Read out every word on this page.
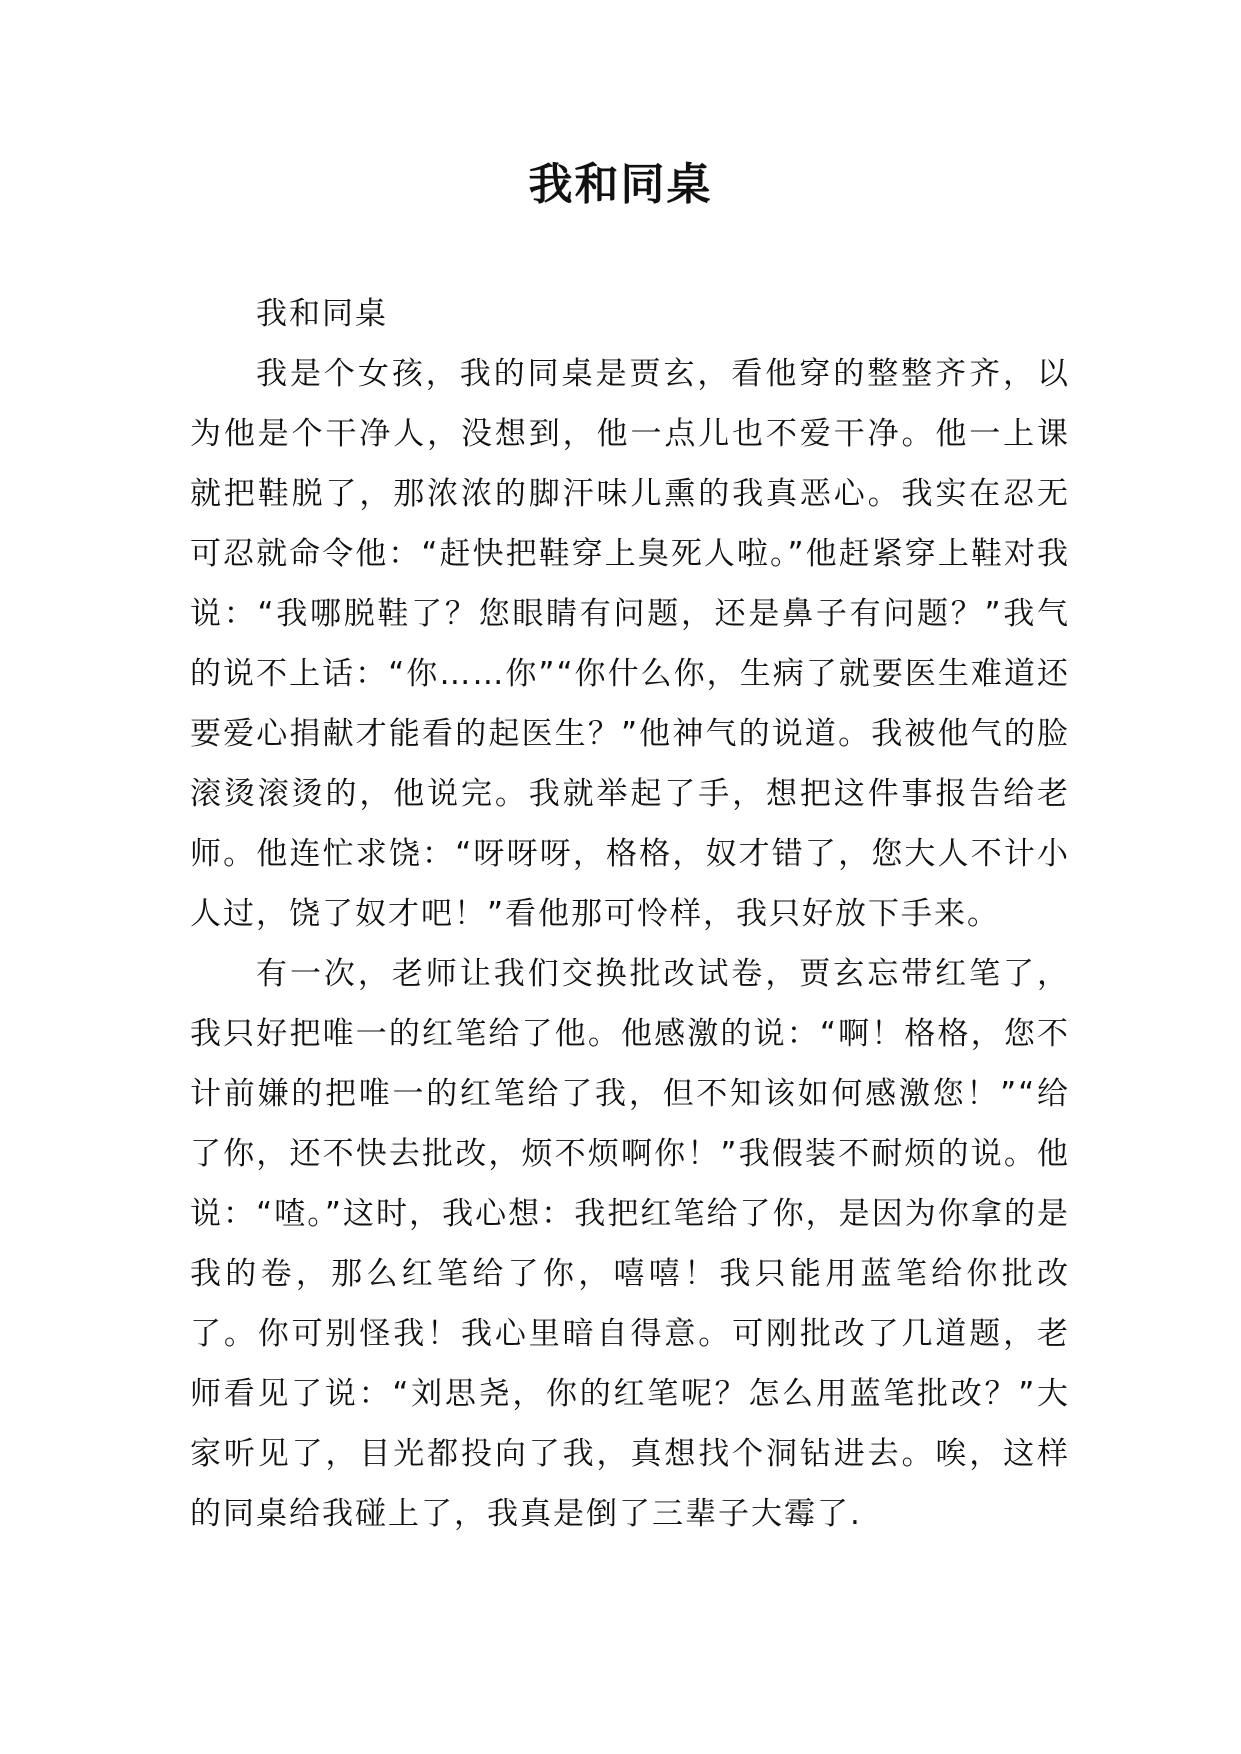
我和同桌

我和同桌

我是个女孩，我的同桌是贾玄，看他穿的整整齐齐，以为他是个干净人，没想到，他一点儿也不爱干净。他一上课就把鞋脱了，那浓浓的脚汗味儿熏的我真恶心。我实在忍无可忍就命令他：“赶快把鞋穿上臭死人啦。”他赶紧穿上鞋对我说：“我哪脱鞋了？您眼睛有问题，还是鼻子有问题？”我气的说不上话：“你……你”“你什么你，生病了就要医生难道还要爱心捐献才能看的起医生？”他神气的说道。我被他气的脸滚烫滚烫的，他说完。我就举起了手，想把这件事报告给老师。他连忙求饶：“呀呀呀，格格，奴才错了，您大人不计小人过，饶了奴才吧！”看他那可怜样，我只好放下手来。

有一次，老师让我们交换批改试卷，贾玄忘带红笔了，我只好把唯一的红笔给了他。他感激的说：“啊！格格，您不计前嫌的把唯一的红笔给了我，但不知该如何感激您！”“给了你，还不快去批改，烦不烦啊你！”我假装不耐烦的说。他说：“喳。”这时，我心想：我把红笔给了你，是因为你拿的是我的卷，那么红笔给了你，嘻嘻！我只能用蓝笔给你批改了。你可别怪我！我心里暗自得意。可刚批改了几道题，老师看见了说：“刘思尧，你的红笔呢？怎么用蓝笔批改？”大家听见了，目光都投向了我，真想找个洞钻进去。唉，这样的同桌给我碰上了，我真是倒了三辈子大霉了.
